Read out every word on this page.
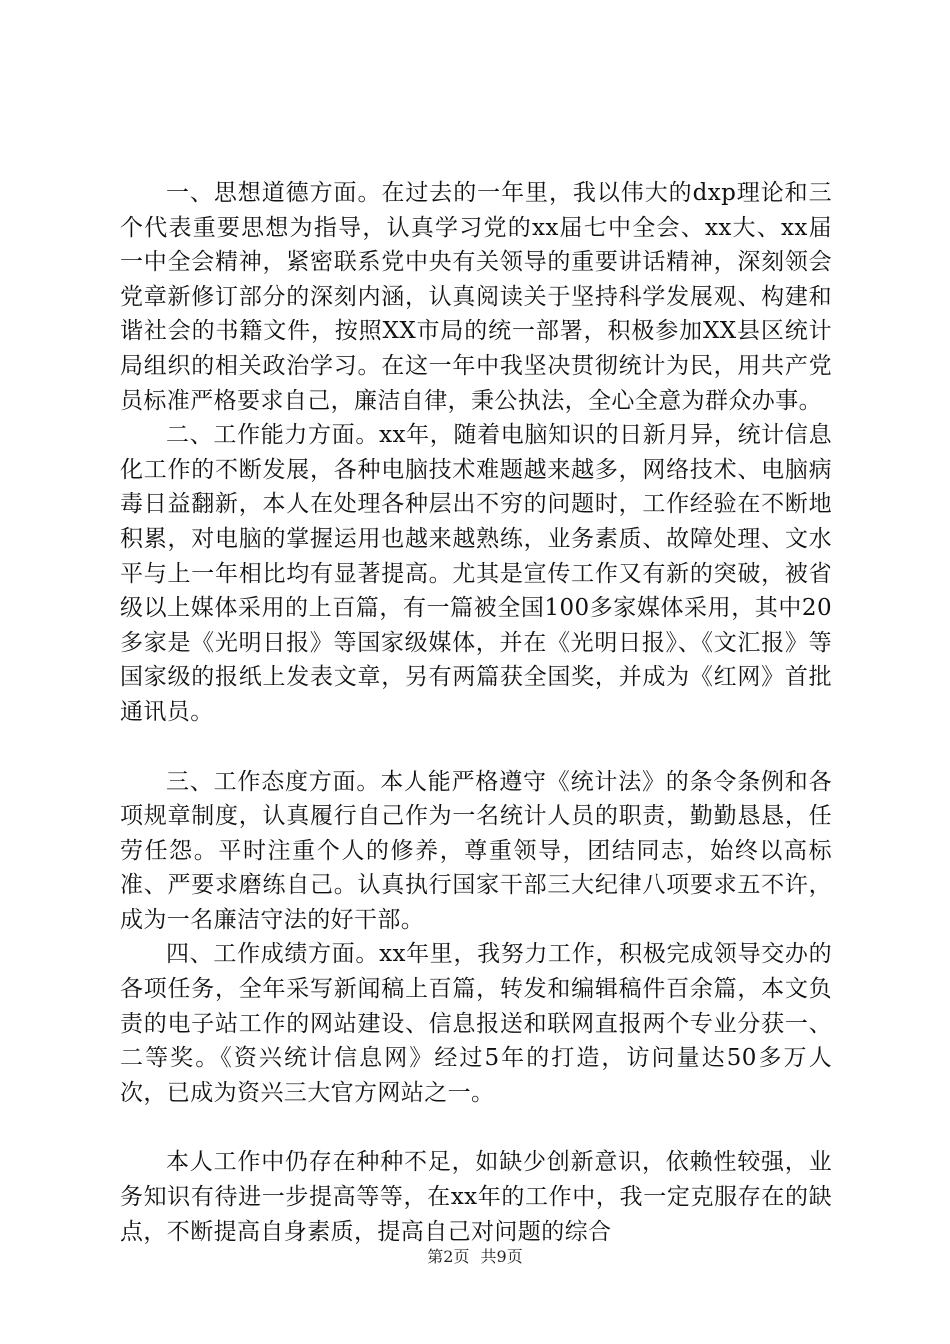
一、思想道德方面。在过去的一年里，我以伟大的dxp理论和三个代表重要思想为指导，认真学习党的xx届七中全会、xx大、xx届一中全会精神，紧密联系党中央有关领导的重要讲话精神，深刻领会党章新修订部分的深刻内涵，认真阅读关于坚持科学发展观、构建和谐社会的书籍文件，按照XX市局的统一部署，积极参加XX县区统计局组织的相关政治学习。在这一年中我坚决贯彻统计为民，用共产党员标准严格要求自己，廉洁自律，秉公执法，全心全意为群众办事。

二、工作能力方面。xx年，随着电脑知识的日新月异，统计信息化工作的不断发展，各种电脑技术难题越来越多，网络技术、电脑病毒日益翻新，本人在处理各种层出不穷的问题时，工作经验在不断地积累，对电脑的掌握运用也越来越熟练，业务素质、故障处理、文水平与上一年相比均有显著提高。尤其是宣传工作又有新的突破，被省级以上媒体采用的上百篇，有一篇被全国100多家媒体采用，其中20多家是《光明日报》等国家级媒体，并在《光明日报》、《文汇报》等国家级的报纸上发表文章，另有两篇获全国奖，并成为《红网》首批通讯员。

三、工作态度方面。本人能严格遵守《统计法》的条令条例和各项规章制度，认真履行自己作为一名统计人员的职责，勤勤恳恳，任劳任怨。平时注重个人的修养，尊重领导，团结同志，始终以高标准、严要求磨练自己。认真执行国家干部三大纪律八项要求五不许，成为一名廉洁守法的好干部。

四、工作成绩方面。xx年里，我努力工作，积极完成领导交办的各项任务，全年采写新闻稿上百篇，转发和编辑稿件百余篇，本文负责的电子站工作的网站建设、信息报送和联网直报两个专业分获一、二等奖。《资兴统计信息网》经过5年的打造，访问量达50多万人次，已成为资兴三大官方网站之一。

本人工作中仍存在种种不足，如缺少创新意识，依赖性较强，业务知识有待进一步提高等等，在xx年的工作中，我一定克服存在的缺点，不断提高自身素质，提高自己对问题的综合

第2页 共9页
